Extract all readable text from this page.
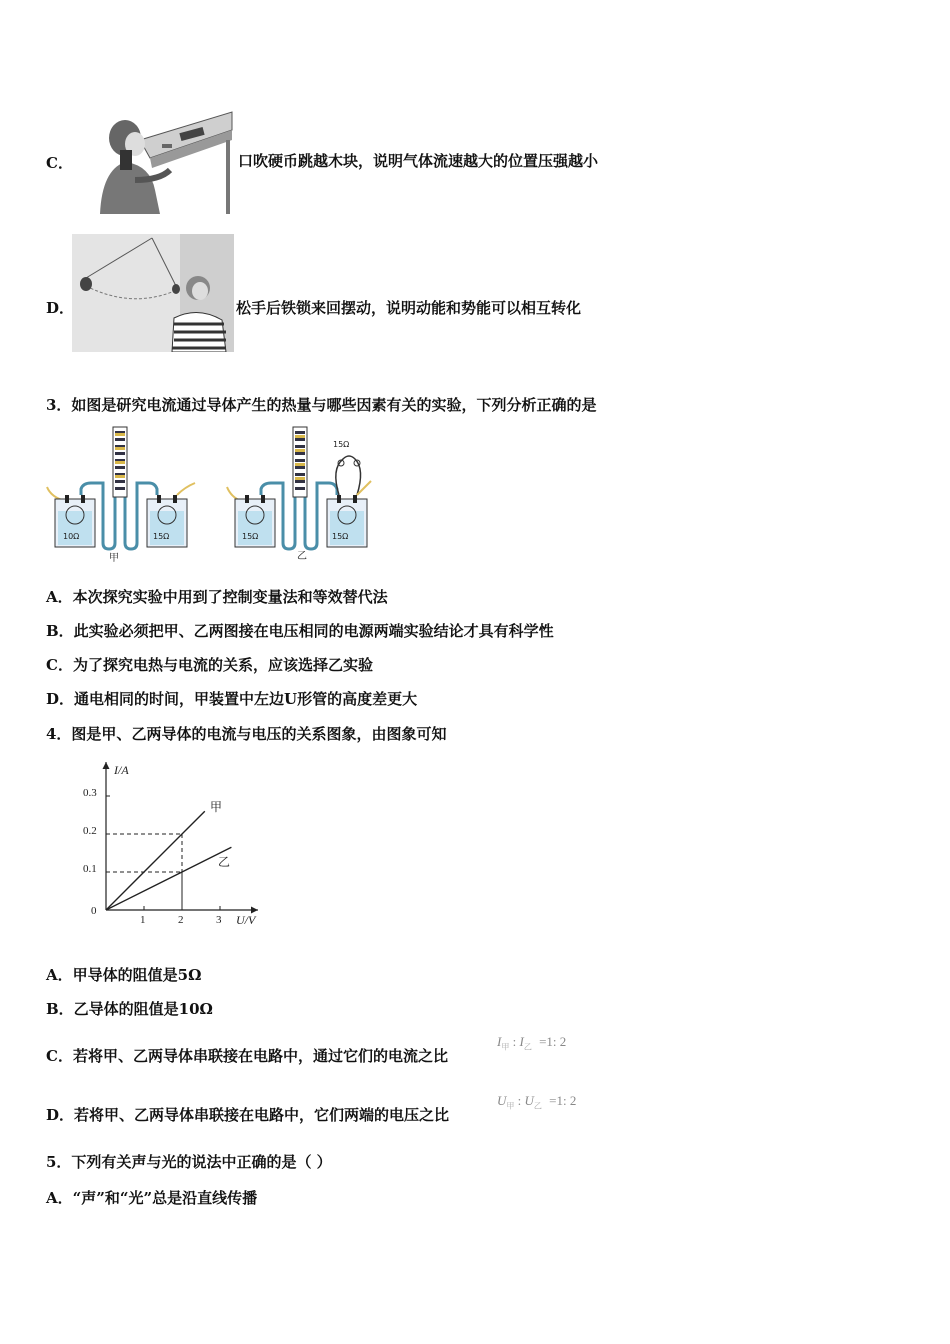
C．	口吹硬币跳越木块，说明气体流速越大的位置压强越小
D．	松手后铁锁来回摆动，说明动能和势能可以相互转化
3．如图是研究电流通过导体产生的热量与哪些因素有关的实验，下列分析正确的是
10Ω	15Ω
甲
15Ω	15Ω
15Ω
乙
A．本次探究实验中用到了控制变量法和等效替代法
B．此实验必须把甲、乙两图接在电压相同的电源两端实验结论才具有科学性
C．为了探究电热与电流的关系，应该选择乙实验
D．通电相同的时间，甲装置中左边U形管的高度差更大
4．图是甲、乙两导体的电流与电压的关系图象，由图象可知
I/A
U/V
0
0.1
0.2
0.3
1	2	3
甲
乙
A．甲导体的阻值是5Ω
B．乙导体的阻值是10Ω
C．若将甲、乙两导体串联接在电路中，通过它们的电流之比
$I_甲$ : $I_乙 =1$: 2
D．若将甲、乙两导体串联接在电路中，它们两端的电压之比
$U_甲$ : $U_乙 =1$: 2
5．下列有关声与光的说法中正确的是（ ）
A．“声”和“光”总是沿直线传播
